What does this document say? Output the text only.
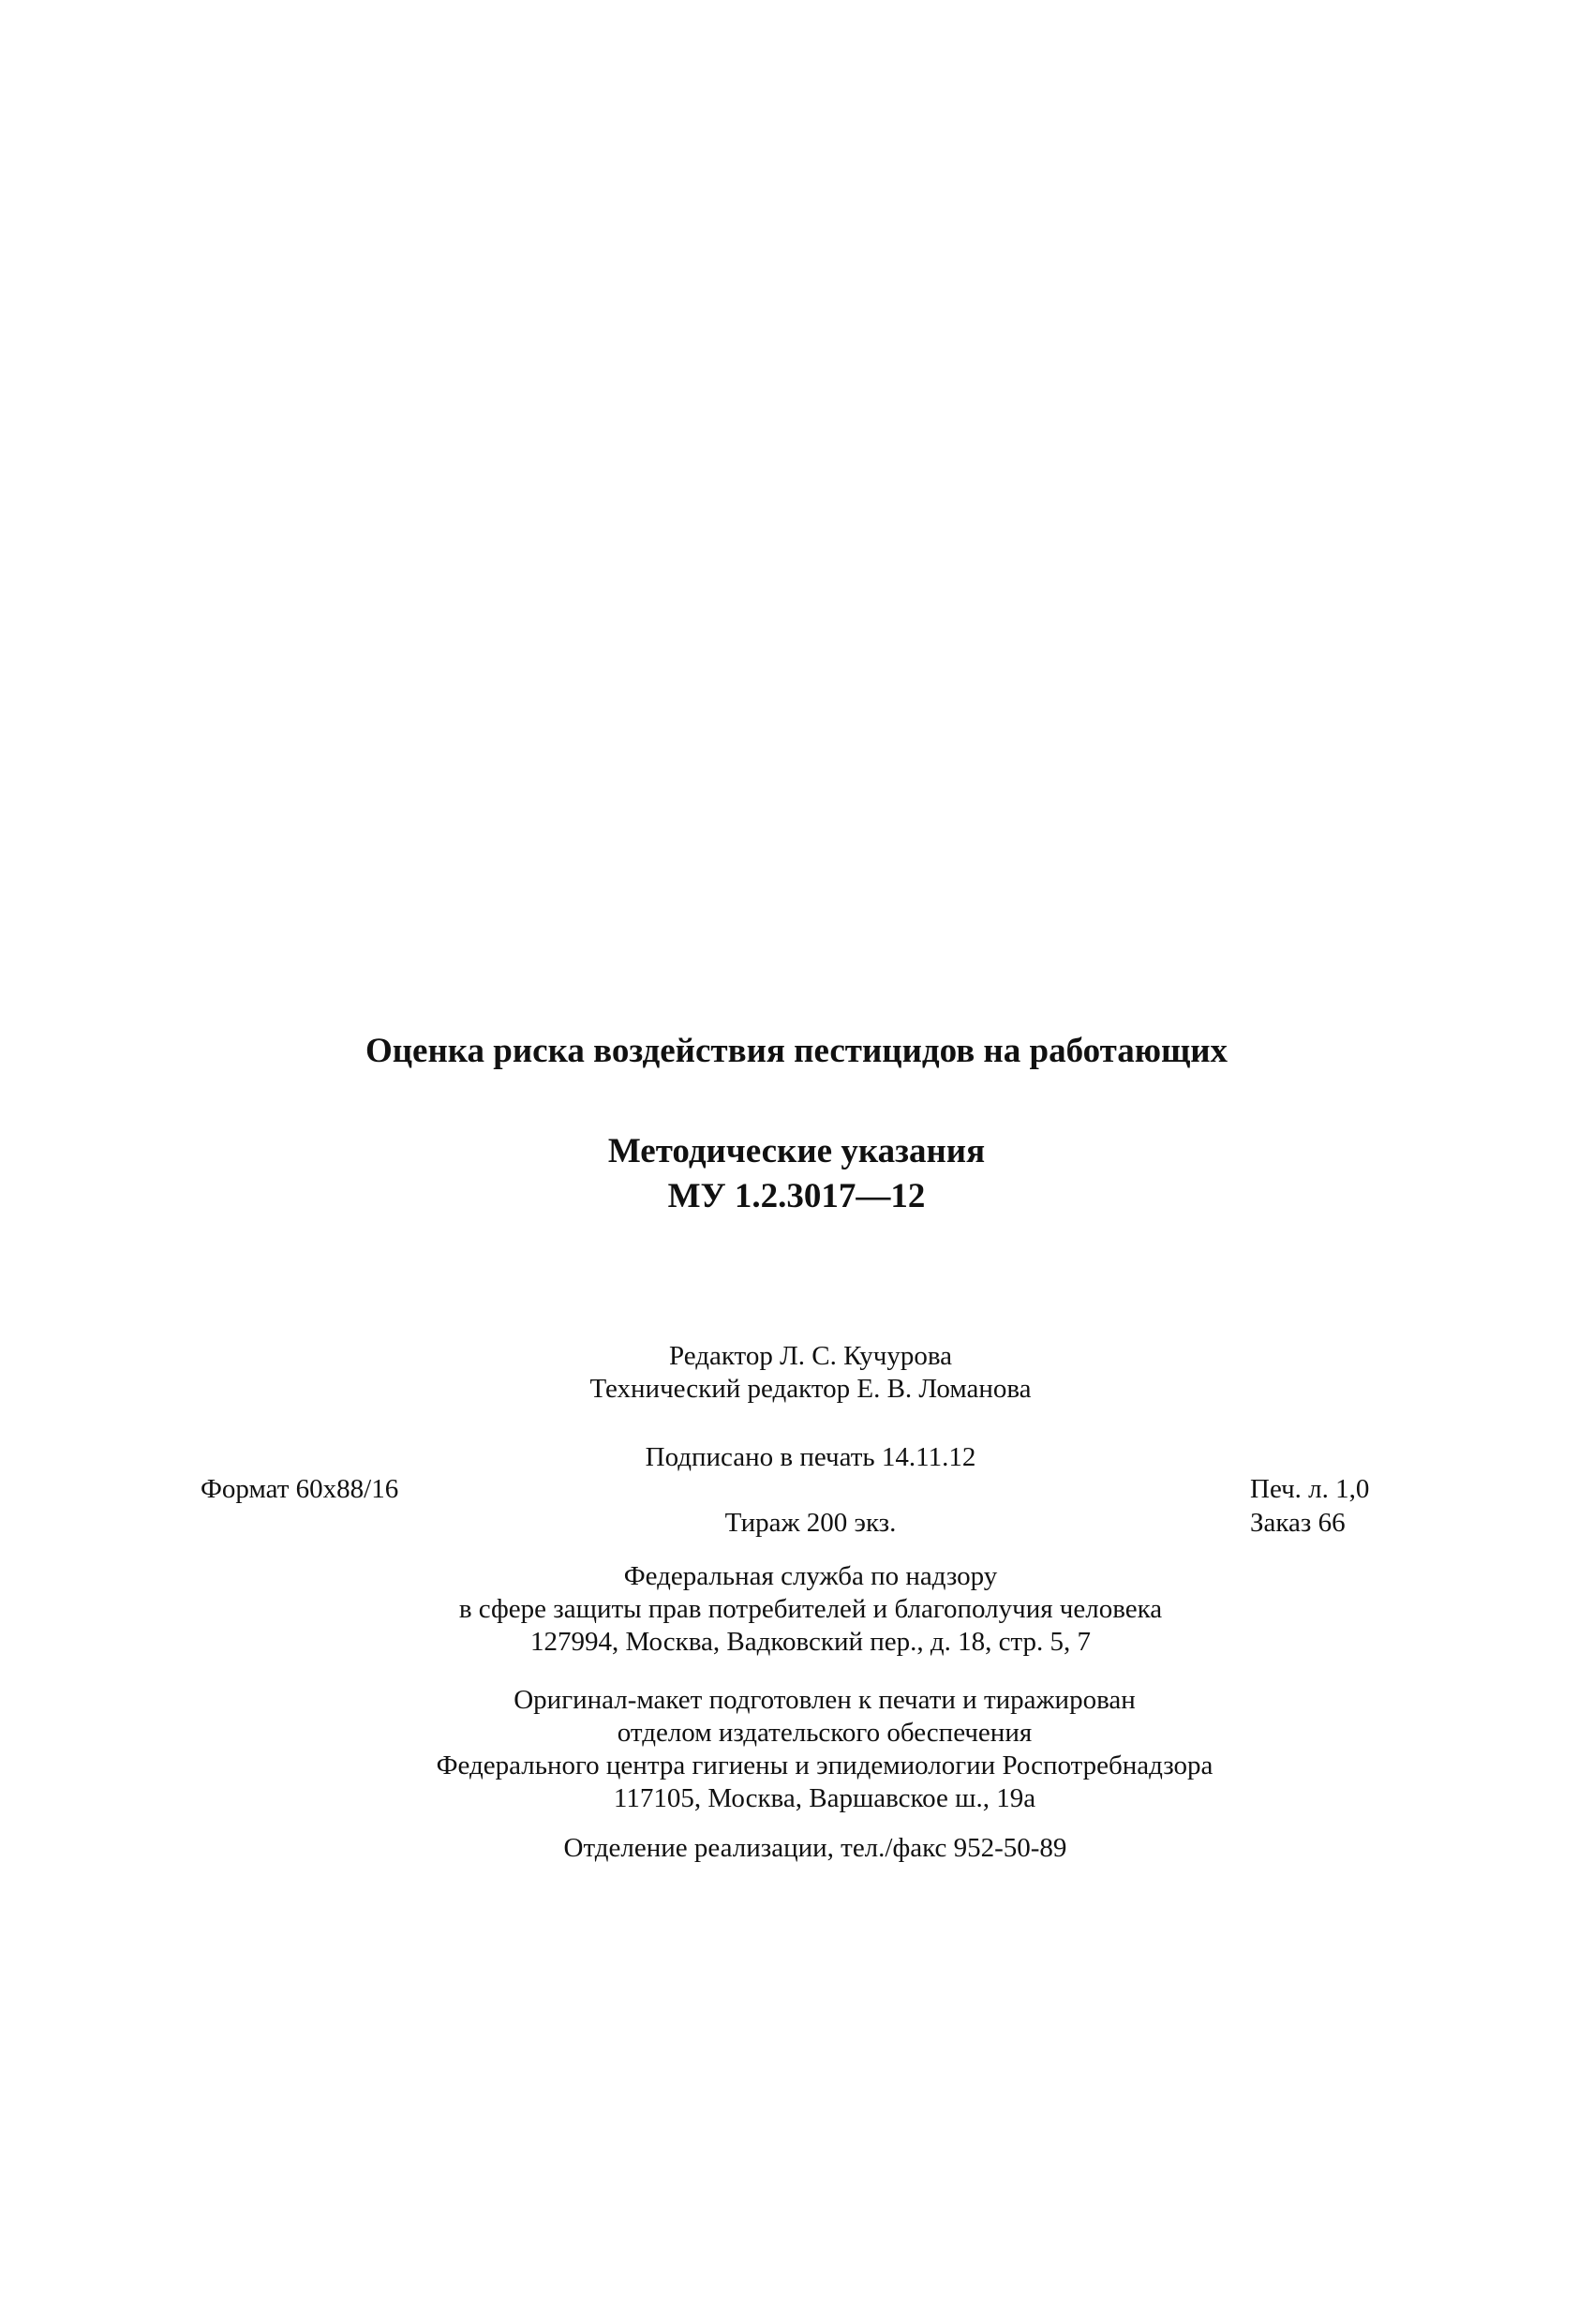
Оценка риска воздействия пестицидов на работающих
Методические указания
МУ 1.2.3017—12
Редактор Л. С. Кучурова
Технический редактор Е. В. Ломанова
Подписано в печать 14.11.12
Формат 60х88/16	Печ. л. 1,0
Тираж 200 экз.	Заказ 66
Федеральная служба по надзору
в сфере защиты прав потребителей и благополучия человека
127994, Москва, Вадковский пер., д. 18, стр. 5, 7
Оригинал-макет подготовлен к печати и тиражирован
отделом издательского обеспечения
Федерального центра гигиены и эпидемиологии Роспотребнадзора
117105, Москва, Варшавское ш., 19а
Отделение реализации, тел./факс 952-50-89
